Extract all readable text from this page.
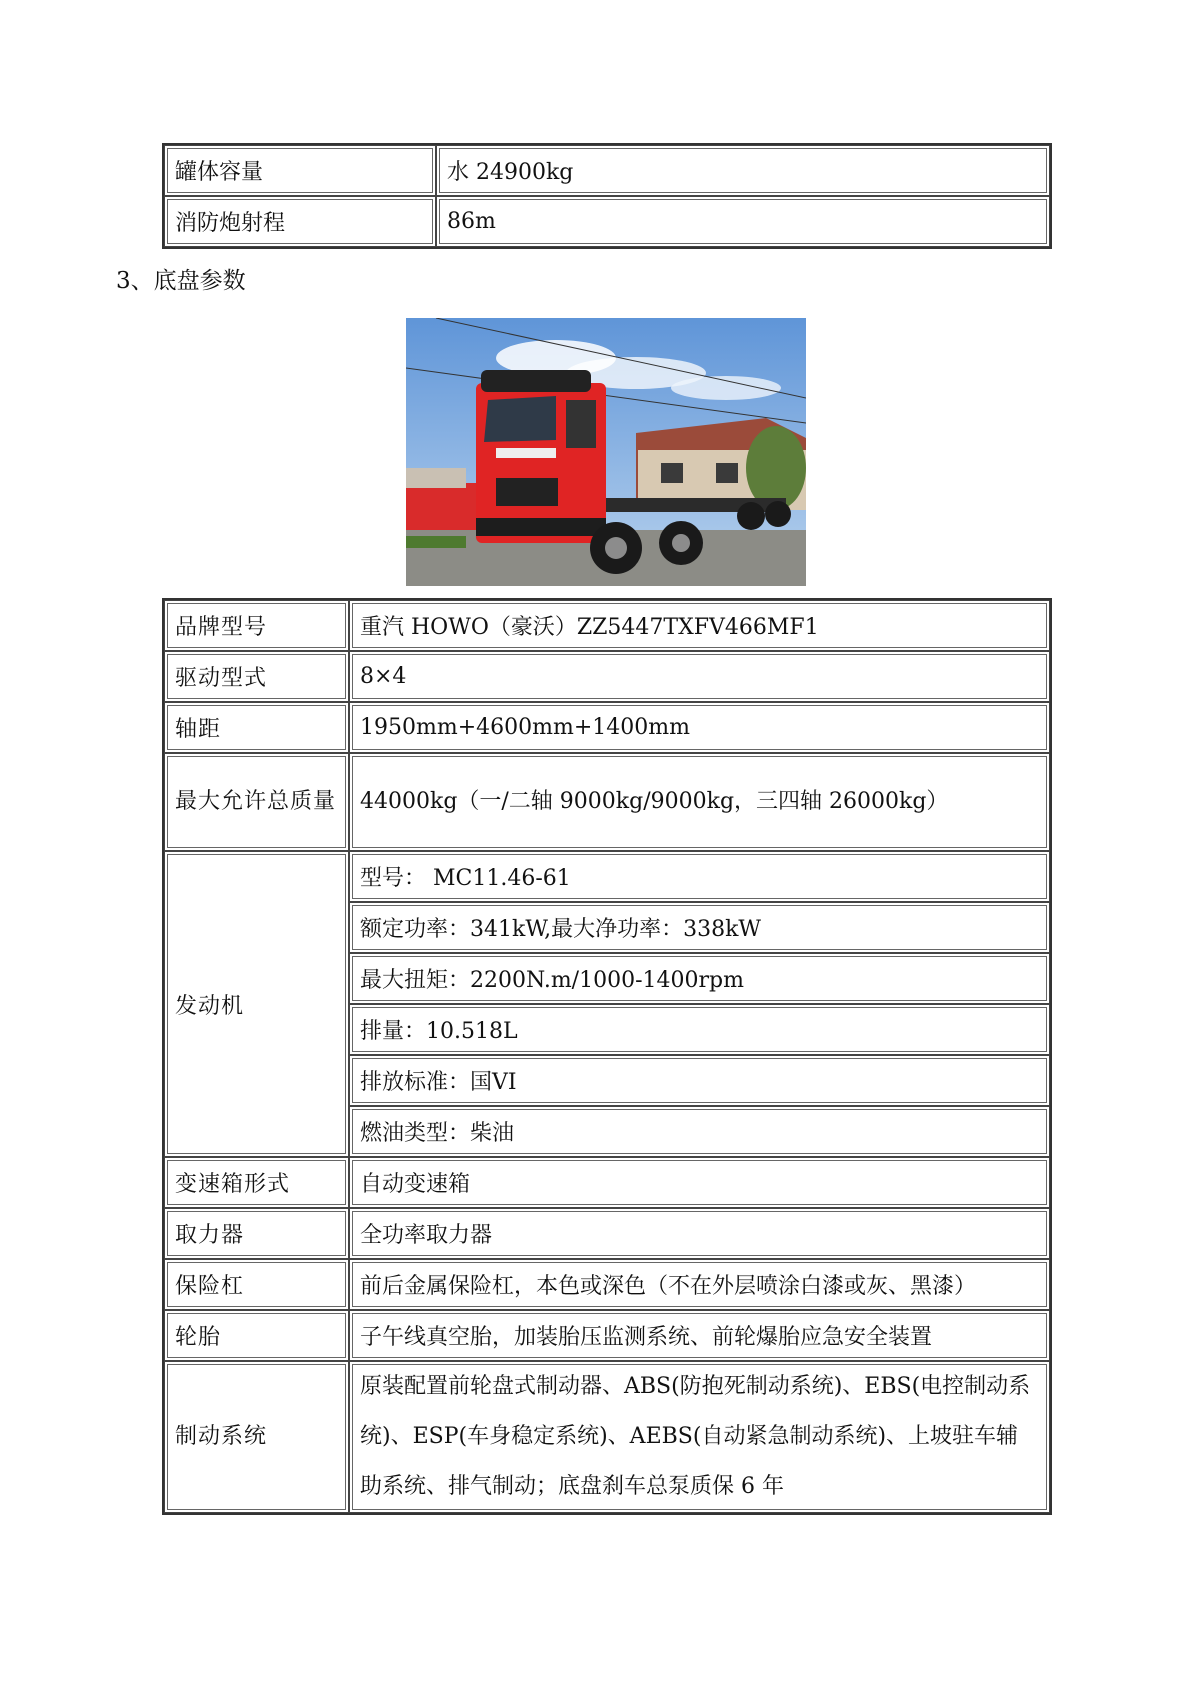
罐体容量	水 24900kg
消防炮射程	86m
3、底盘参数
品牌型号	重汽 HOWO（豪沃）ZZ5447TXFV466MF1
驱动型式	8×4
轴距	1950mm+4600mm+1400mm
最大允许总质量	44000kg（一/二轴 9000kg/9000kg，三四轴 26000kg）
发动机	型号： MC11.46-61
	额定功率：341kW,最大净功率：338kW
	最大扭矩：2200N.m/1000-1400rpm
	排量：10.518L
	排放标准：国VI
	燃油类型：柴油
变速箱形式	自动变速箱
取力器	全功率取力器
保险杠	前后金属保险杠，本色或深色（不在外层喷涂白漆或灰、黑漆）
轮胎	子午线真空胎，加装胎压监测系统、前轮爆胎应急安全装置
制动系统	原装配置前轮盘式制动器、ABS(防抱死制动系统)、EBS(电控制动系统)、ESP(车身稳定系统)、AEBS(自动紧急制动系统)、上坡驻车辅助系统、排气制动；底盘刹车总泵质保 6 年
